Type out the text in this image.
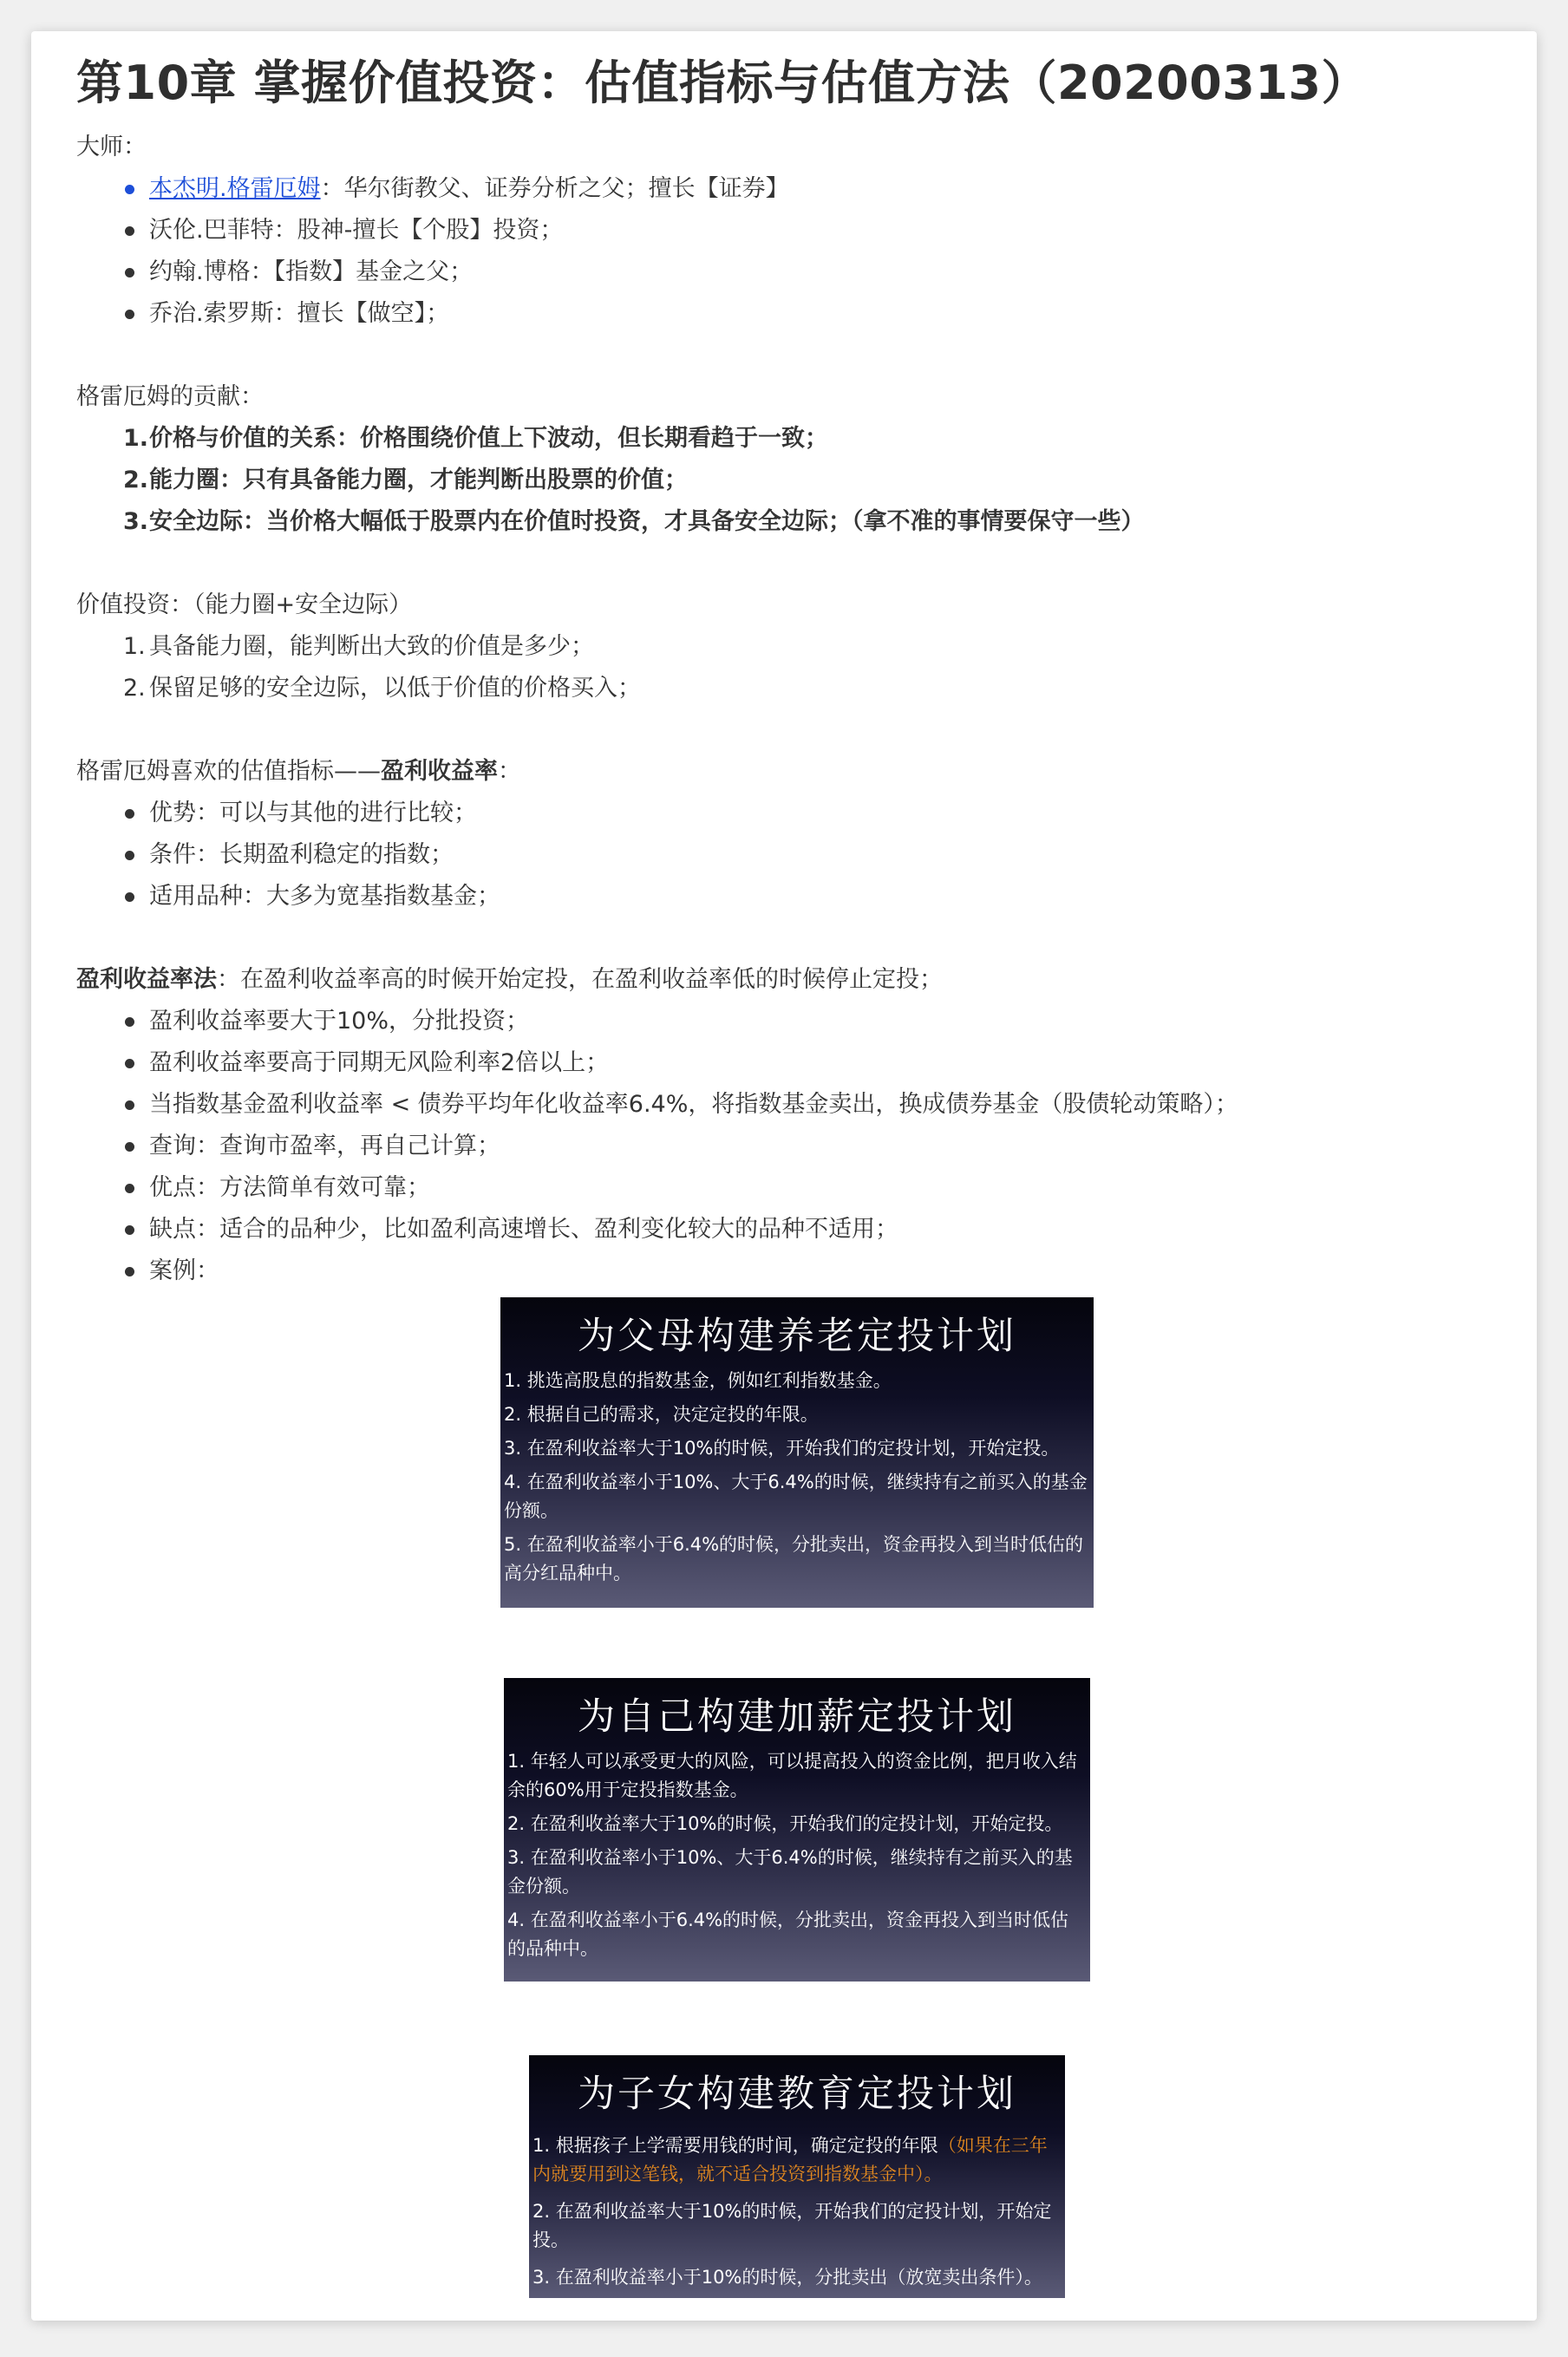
第10章 掌握价值投资：估值指标与估值方法（20200313）

大师：

本杰明.格雷厄姆：华尔街教父、证券分析之父；擅长【证券】
沃伦.巴菲特：股神-擅长【个股】投资；
约翰.博格：【指数】基金之父；
乔治.索罗斯：擅长【做空】；

格雷厄姆的贡献：

1. 价格与价值的关系：价格围绕价值上下波动，但长期看趋于一致；
2. 能力圈：只有具备能力圈，才能判断出股票的价值；
3. 安全边际：当价格大幅低于股票内在价值时投资，才具备安全边际；（拿不准的事情要保守一些）

价值投资：（能力圈+安全边际）

1. 具备能力圈，能判断出大致的价值是多少；
2. 保留足够的安全边际，以低于价值的价格买入；

格雷厄姆喜欢的估值指标——盈利收益率：

优势：可以与其他的进行比较；
条件：长期盈利稳定的指数；
适用品种：大多为宽基指数基金；

盈利收益率法：在盈利收益率高的时候开始定投，在盈利收益率低的时候停止定投；

盈利收益率要大于10%，分批投资；
盈利收益率要高于同期无风险利率2倍以上；
当指数基金盈利收益率 < 债券平均年化收益率6.4%，将指数基金卖出，换成债券基金（股债轮动策略）；
查询：查询市盈率，再自己计算；
优点：方法简单有效可靠；
缺点：适合的品种少，比如盈利高速增长、盈利变化较大的品种不适用；
案例：
为父母构建养老定投计划
1. 挑选高股息的指数基金，例如红利指数基金。
2. 根据自己的需求，决定定投的年限。
3. 在盈利收益率大于10%的时候，开始我们的定投计划，开始定投。
4. 在盈利收益率小于10%、大于6.4%的时候，继续持有之前买入的基金份额。
5. 在盈利收益率小于6.4%的时候，分批卖出，资金再投入到当时低估的高分红品种中。
为自己构建加薪定投计划
1. 年轻人可以承受更大的风险，可以提高投入的资金比例，把月收入结余的60%用于定投指数基金。
2. 在盈利收益率大于10%的时候，开始我们的定投计划，开始定投。
3. 在盈利收益率小于10%、大于6.4%的时候，继续持有之前买入的基金份额。
4. 在盈利收益率小于6.4%的时候，分批卖出，资金再投入到当时低估的品种中。
为子女构建教育定投计划
1. 根据孩子上学需要用钱的时间，确定定投的年限（如果在三年内就要用到这笔钱，就不适合投资到指数基金中）。
2. 在盈利收益率大于10%的时候，开始我们的定投计划，开始定投。
3. 在盈利收益率小于10%的时候，分批卖出（放宽卖出条件）。
